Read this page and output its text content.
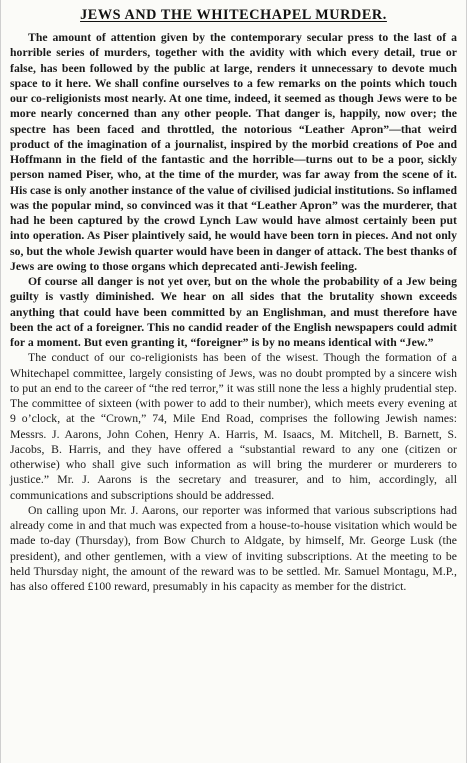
JEWS AND THE WHITECHAPEL MURDER.

The amount of attention given by the contemporary secular press to the last of a horrible series of murders, together with the avidity with which every detail, true or false, has been followed by the public at large, renders it unnecessary to devote much space to it here. We shall confine ourselves to a few remarks on the points which touch our co-religionists most nearly. At one time, indeed, it seemed as though Jews were to be more nearly concerned than any other people. That danger is, happily, now over; the spectre has been faced and throttled, the notorious “Leather Apron”—that weird product of the imagination of a journalist, inspired by the morbid creations of Poe and Hoffmann in the field of the fantastic and the horrible—turns out to be a poor, sickly person named Piser, who, at the time of the murder, was far away from the scene of it. His case is only another instance of the value of civilised judicial institutions. So inflamed was the popular mind, so convinced was it that “Leather Apron” was the murderer, that had he been captured by the crowd Lynch Law would have almost certainly been put into operation. As Piser plaintively said, he would have been torn in pieces. And not only so, but the whole Jewish quarter would have been in danger of attack. The best thanks of Jews are owing to those organs which deprecated anti-Jewish feeling.

Of course all danger is not yet over, but on the whole the probability of a Jew being guilty is vastly diminished. We hear on all sides that the brutality shown exceeds anything that could have been committed by an Englishman, and must therefore have been the act of a foreigner. This no candid reader of the English newspapers could admit for a moment. But even granting it, “foreigner” is by no means identical with “Jew.”

The conduct of our co-religionists has been of the wisest. Though the formation of a Whitechapel committee, largely consisting of Jews, was no doubt prompted by a sincere wish to put an end to the career of “the red terror,” it was still none the less a highly prudential step. The committee of sixteen (with power to add to their number), which meets every evening at 9 o’clock, at the “Crown,” 74, Mile End Road, comprises the following Jewish names: Messrs. J. Aarons, John Cohen, Henry A. Harris, M. Isaacs, M. Mitchell, B. Barnett, S. Jacobs, B. Harris, and they have offered a “substantial reward to any one (citizen or otherwise) who shall give such information as will bring the murderer or murderers to justice.” Mr. J. Aarons is the secretary and treasurer, and to him, accordingly, all communications and subscriptions should be addressed.

On calling upon Mr. J. Aarons, our reporter was informed that various subscriptions had already come in and that much was expected from a house-to-house visitation which would be made to-day (Thursday), from Bow Church to Aldgate, by himself, Mr. George Lusk (the president), and other gentlemen, with a view of inviting subscriptions. At the meeting to be held Thursday night, the amount of the reward was to be settled. Mr. Samuel Montagu, M.P., has also offered £100 reward, presumably in his capacity as member for the district.
